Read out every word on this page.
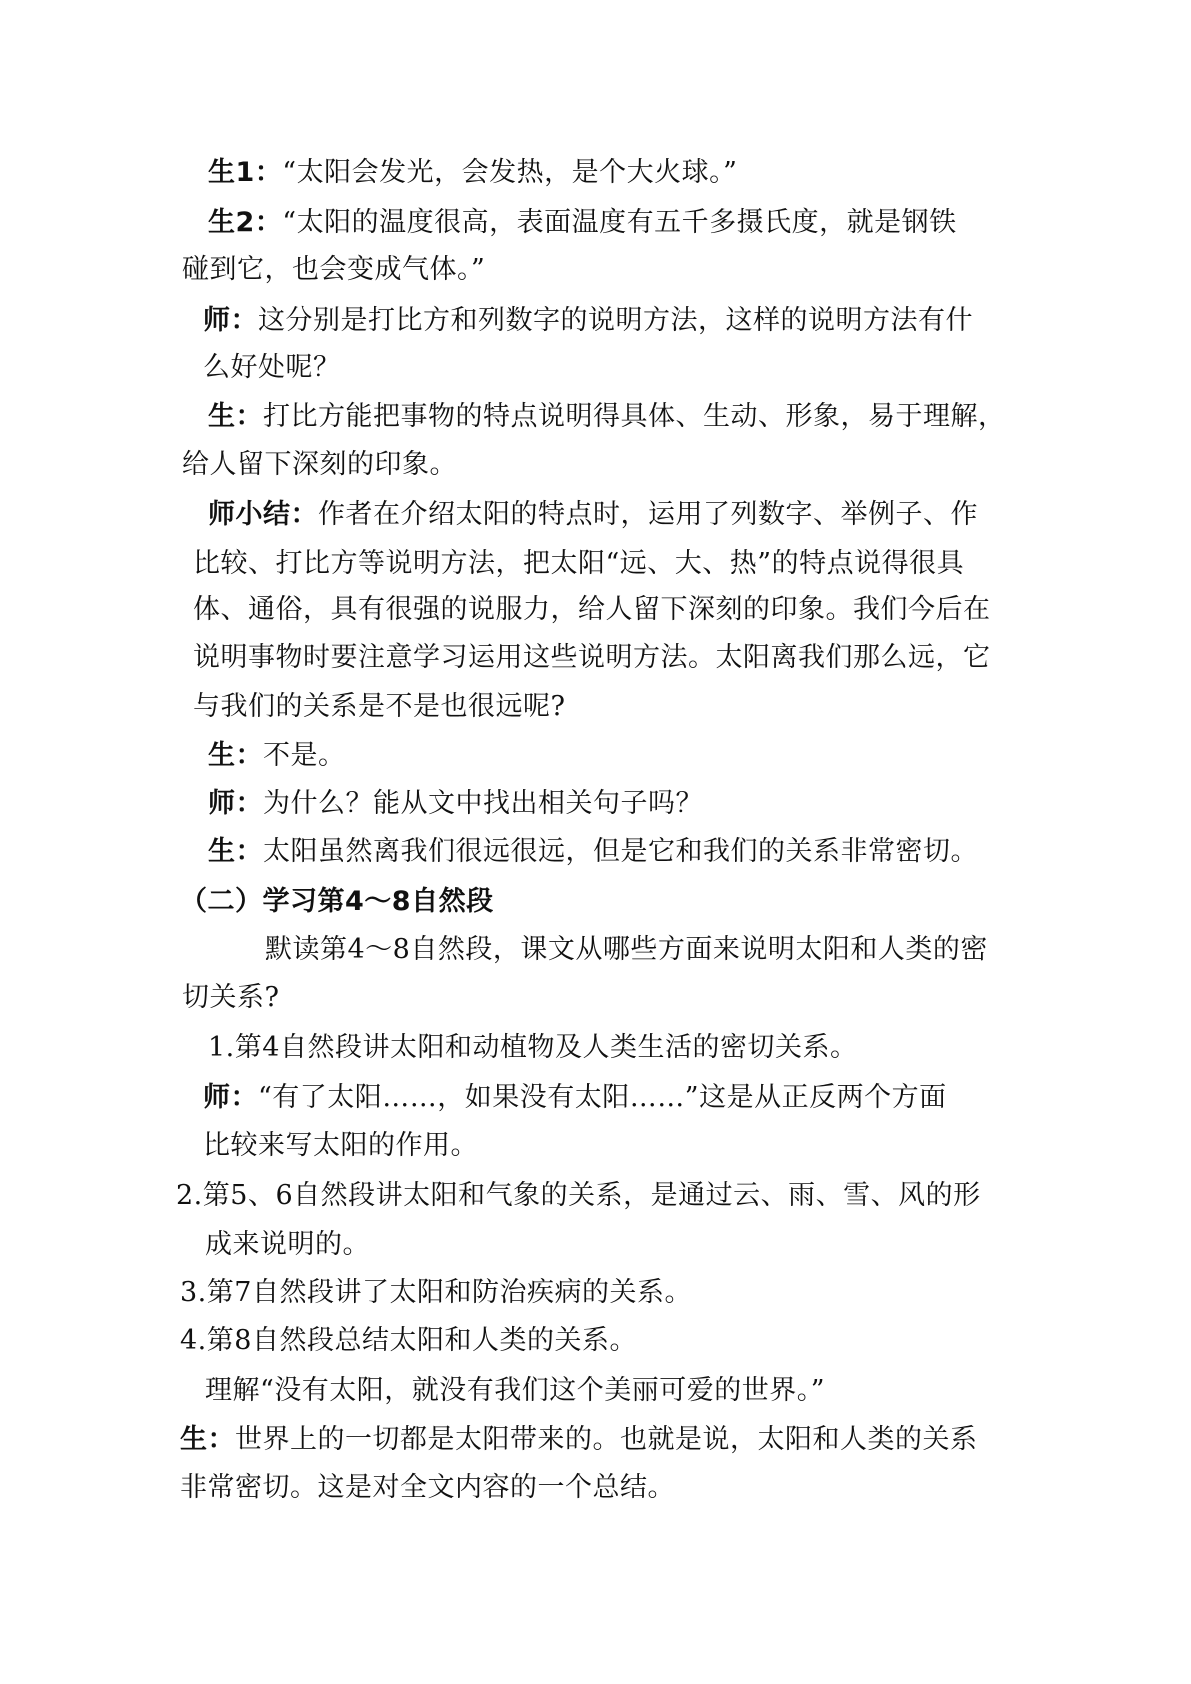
生1：“太阳会发光，会发热，是个大火球。”
生2：“太阳的温度很高，表面温度有五千多摄氏度，就是钢铁
碰到它，也会变成气体。”
师：这分别是打比方和列数字的说明方法，这样的说明方法有什
么好处呢？
生：打比方能把事物的特点说明得具体、生动、形象，易于理解，
给人留下深刻的印象。
师小结：作者在介绍太阳的特点时，运用了列数字、举例子、作
比较、打比方等说明方法，把太阳“远、大、热”的特点说得很具
体、通俗，具有很强的说服力，给人留下深刻的印象。我们今后在
说明事物时要注意学习运用这些说明方法。太阳离我们那么远，它
与我们的关系是不是也很远呢?
生：不是。
师：为什么？能从文中找出相关句子吗？
生：太阳虽然离我们很远很远，但是它和我们的关系非常密切。
（二）学习第4～8自然段
默读第4～8自然段，课文从哪些方面来说明太阳和人类的密
切关系?
1.第4自然段讲太阳和动植物及人类生活的密切关系。
师：“有了太阳……，如果没有太阳……”这是从正反两个方面
比较来写太阳的作用。
2.第5、6自然段讲太阳和气象的关系，是通过云、雨、雪、风的形
成来说明的。
3.第7自然段讲了太阳和防治疾病的关系。
4.第8自然段总结太阳和人类的关系。
理解“没有太阳，就没有我们这个美丽可爱的世界。”
生：世界上的一切都是太阳带来的。也就是说，太阳和人类的关系
非常密切。这是对全文内容的一个总结。
